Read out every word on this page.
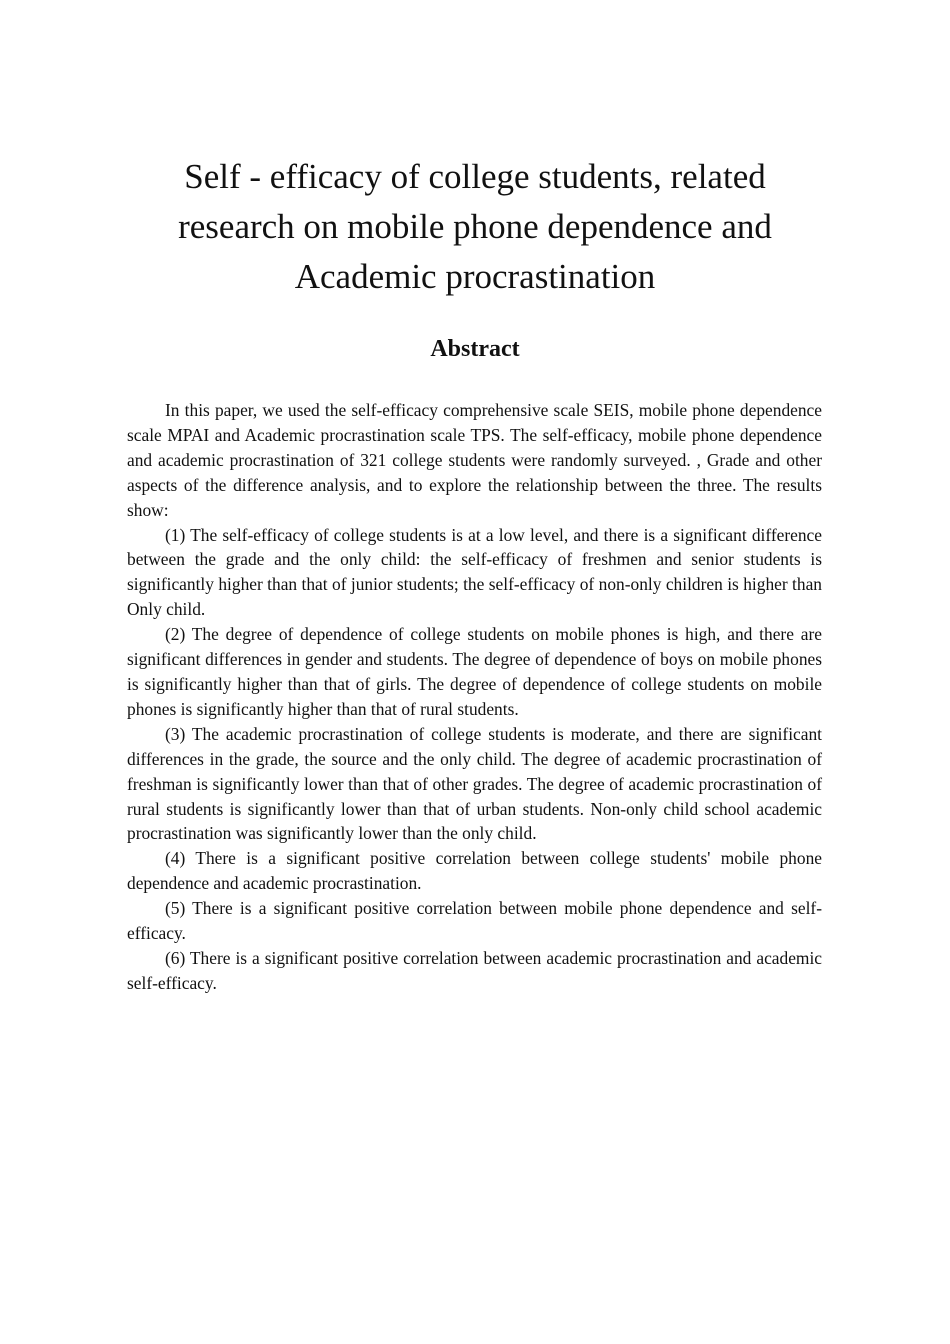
Self - efficacy of college students, related
research on mobile phone dependence and
Academic procrastination
Abstract

In this paper, we used the self-efficacy comprehensive scale SEIS, mobile phone dependence scale MPAI and Academic procrastination scale TPS. The self-efficacy, mobile phone dependence and academic procrastination of 321 college students were randomly surveyed. , Grade and other aspects of the difference analysis, and to explore the relationship between the three. The results show:

(1) The self-efficacy of college students is at a low level, and there is a significant difference between the grade and the only child: the self-efficacy of freshmen and senior students is significantly higher than that of junior students; the self-efficacy of non-only children is higher than Only child.

(2) The degree of dependence of college students on mobile phones is high, and there are significant differences in gender and students. The degree of dependence of boys on mobile phones is significantly higher than that of girls. The degree of dependence of college students on mobile phones is significantly higher than that of rural students.

(3) The academic procrastination of college students is moderate, and there are significant differences in the grade, the source and the only child. The degree of academic procrastination of freshman is significantly lower than that of other grades. The degree of academic procrastination of rural students is significantly lower than that of urban students. Non-only child school academic procrastination was significantly lower than the only child.

(4) There is a significant positive correlation between college students' mobile phone dependence and academic procrastination.

(5) There is a significant positive correlation between mobile phone dependence and self-efficacy.

(6) There is a significant positive correlation between academic procrastination and academic self-efficacy.
